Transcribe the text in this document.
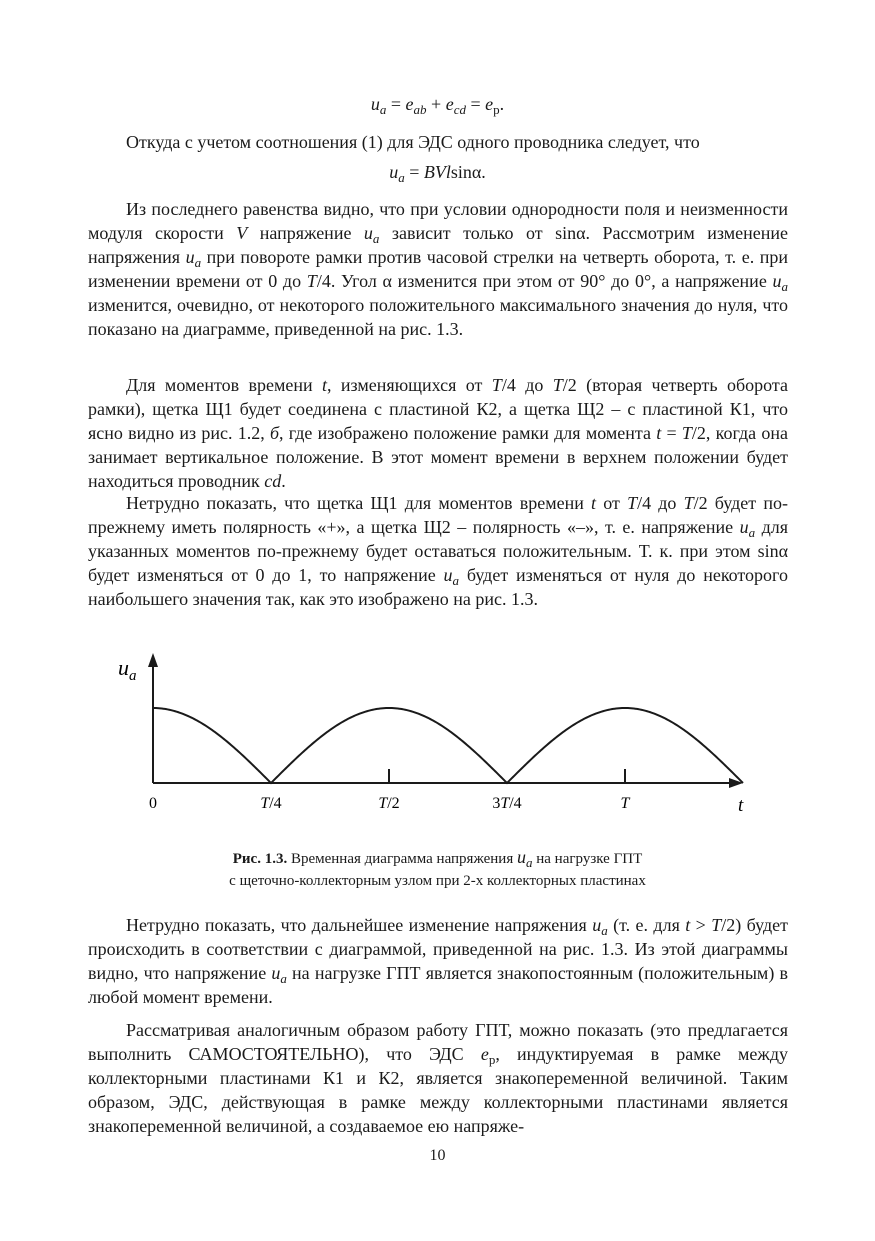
$u_a = e_{ab} + e_{cd} = e_р$.

Откуда с учетом соотношения (1) для ЭДС одного проводника следует, что

$u_a = BVlsin\alpha$.

Из последнего равенства видно, что при условии однородности поля и неизменности модуля скорости V напряжение $u_a$ зависит только от sinα. Рассмотрим изменение напряжения $u_a$ при повороте рамки против часовой стрелки на четверть оборота, т. е. при изменении времени от 0 до T/4. Угол α изменится при этом от 90° до 0°, а напряжение $u_a$ изменится, очевидно, от некоторого положительного максимального значения до нуля, что показано на диаграмме, приведенной на рис. 1.3.

Для моментов времени t, изменяющихся от T/4 до T/2 (вторая четверть оборота рамки), щетка Щ1 будет соединена с пластиной К2, а щетка Щ2 – с пластиной К1, что ясно видно из рис. 1.2, б, где изображено положение рамки для момента t = T/2, когда она занимает вертикальное положение. В этот момент времени в верхнем положении будет находиться проводник cd.

Нетрудно показать, что щетка Щ1 для моментов времени t от T/4 до T/2 будет по-прежнему иметь полярность «+», а щетка Щ2 – полярность «–», т. е. напряжение $u_a$ для указанных моментов по-прежнему будет оставаться положительным. Т. к. при этом sinα будет изменяться от 0 до 1, то напряжение $u_a$ будет изменяться от нуля до некоторого наибольшего значения так, как это изображено на рис. 1.3.

0	T/4	T/2	3T/4	T
$u_a$
t
Рис. 1.3. Временная диаграмма напряжения $u_a$ на нагрузке ГПТ
с щеточно-коллекторным узлом при 2-х коллекторных пластинах

Нетрудно показать, что дальнейшее изменение напряжения $u_a$ (т. е. для t > T/2) будет происходить в соответствии с диаграммой, приведенной на рис. 1.3. Из этой диаграммы видно, что напряжение $u_a$ на нагрузке ГПТ является знакопостоянным (положительным) в любой момент времени.

Рассматривая аналогичным образом работу ГПТ, можно показать (это предлагается выполнить САМОСТОЯТЕЛЬНО), что ЭДС $e_р$, индуктируемая в рамке между коллекторными пластинами К1 и К2, является знакопеременной величиной. Таким образом, ЭДС, действующая в рамке между коллекторными пластинами является знакопеременной величиной, а создаваемое ею напряже-

10
